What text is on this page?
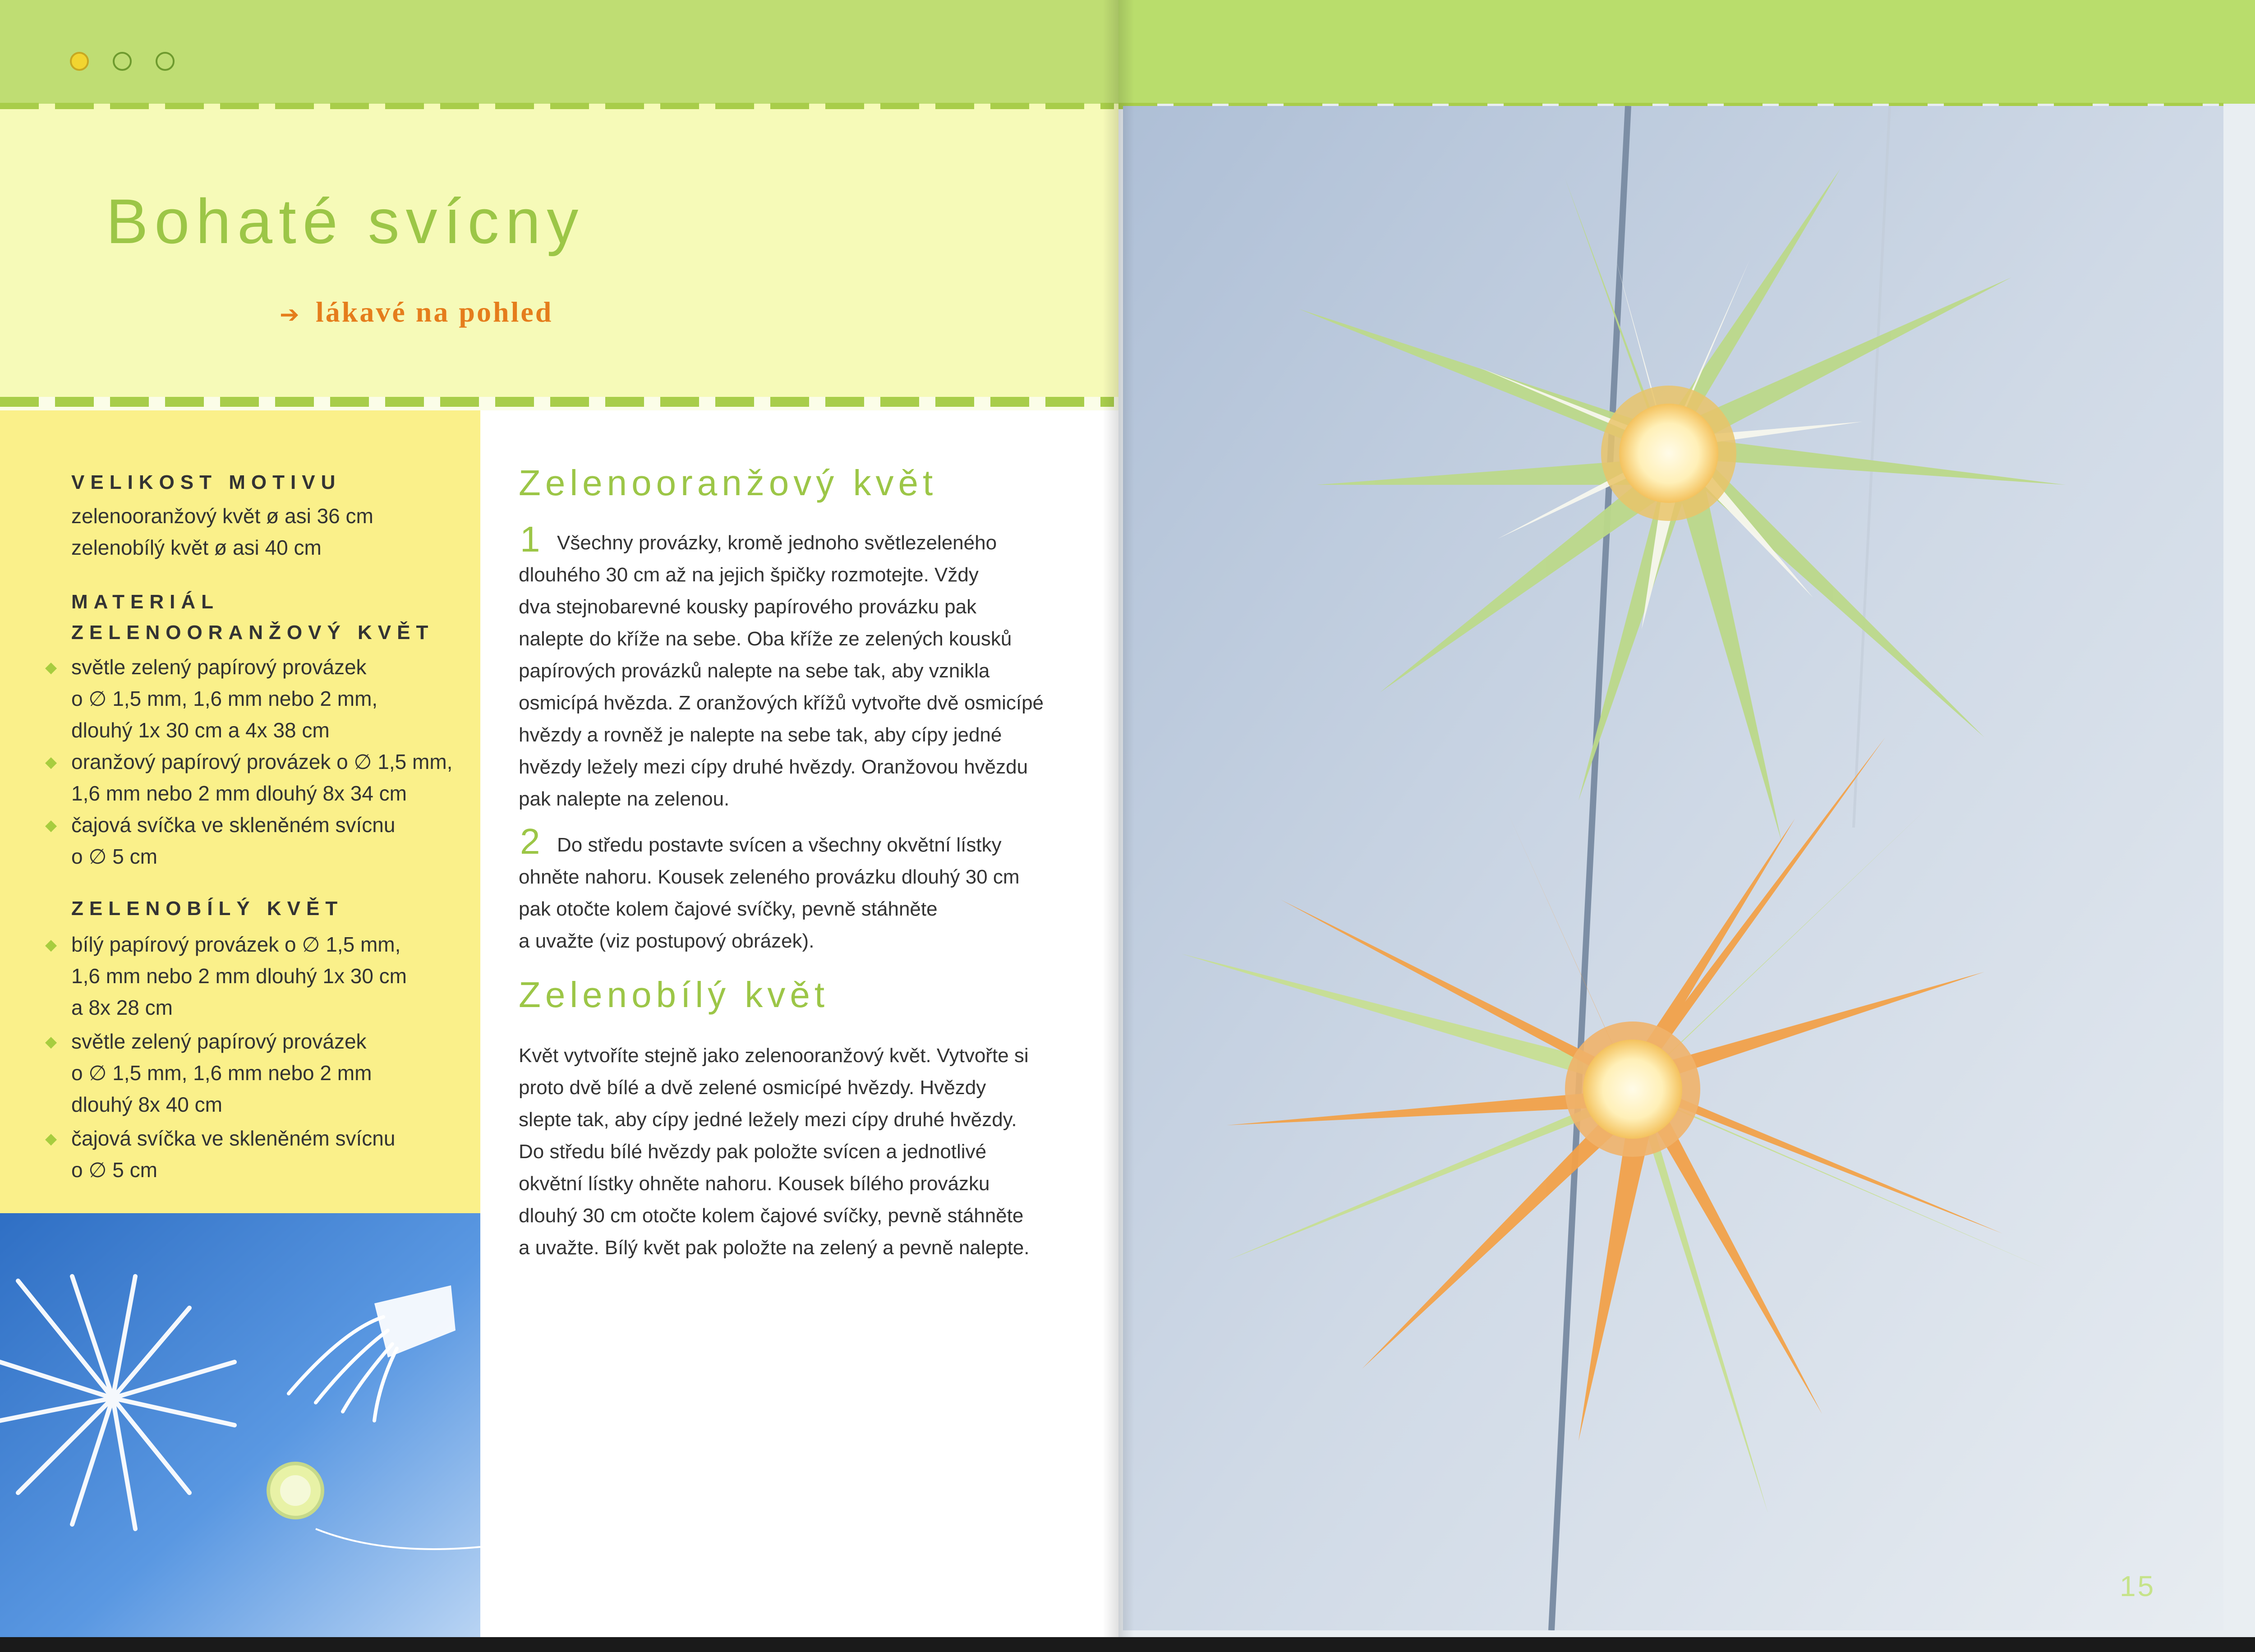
Bohaté svícny
➔ lákavé na pohled
VELIKOST MOTIVU
zelenooranžový květ ø asi 36 cm
zelenobílý květ ø asi 40 cm
MATERIÁL
ZELENOORANŽOVÝ KVĚT
◆ světle zelený papírový provázek
o ∅ 1,5 mm, 1,6 mm nebo 2 mm,
dlouhý 1x 30 cm a 4x 38 cm
◆ oranžový papírový provázek o ∅ 1,5 mm,
1,6 mm nebo 2 mm dlouhý 8x 34 cm
◆ čajová svíčka ve skleněném svícnu
o ∅ 5 cm
ZELENOBÍLÝ KVĚT
◆ bílý papírový provázek o ∅ 1,5 mm,
1,6 mm nebo 2 mm dlouhý 1x 30 cm
a 8x 28 cm
◆ světle zelený papírový provázek
o ∅ 1,5 mm, 1,6 mm nebo 2 mm
dlouhý 8x 40 cm
◆ čajová svíčka ve skleněném svícnu
o ∅ 5 cm
Zelenooranžový květ
1 Všechny provázky, kromě jednoho světlezeleného
dlouhého 30 cm až na jejich špičky rozmotejte. Vždy
dva stejnobarevné kousky papírového provázku pak
nalepte do kříže na sebe. Oba kříže ze zelených kousků
papírových provázků nalepte na sebe tak, aby vznikla
osmicípá hvězda. Z oranžových křížů vytvořte dvě osmicípé
hvězdy a rovněž je nalepte na sebe tak, aby cípy jedné
hvězdy ležely mezi cípy druhé hvězdy. Oranžovou hvězdu
pak nalepte na zelenou.
2 Do středu postavte svícen a všechny okvětní lístky
ohněte nahoru. Kousek zeleného provázku dlouhý 30 cm
pak otočte kolem čajové svíčky, pevně stáhněte
a uvažte (viz postupový obrázek).
Zelenobílý květ
Květ vytvoříte stejně jako zelenooranžový květ. Vytvořte si
proto dvě bílé a dvě zelené osmicípé hvězdy. Hvězdy
slepte tak, aby cípy jedné ležely mezi cípy druhé hvězdy.
Do středu bílé hvězdy pak položte svícen a jednotlivé
okvětní lístky ohněte nahoru. Kousek bílého provázku
dlouhý 30 cm otočte kolem čajové svíčky, pevně stáhněte
a uvažte. Bílý květ pak položte na zelený a pevně nalepte.
15
